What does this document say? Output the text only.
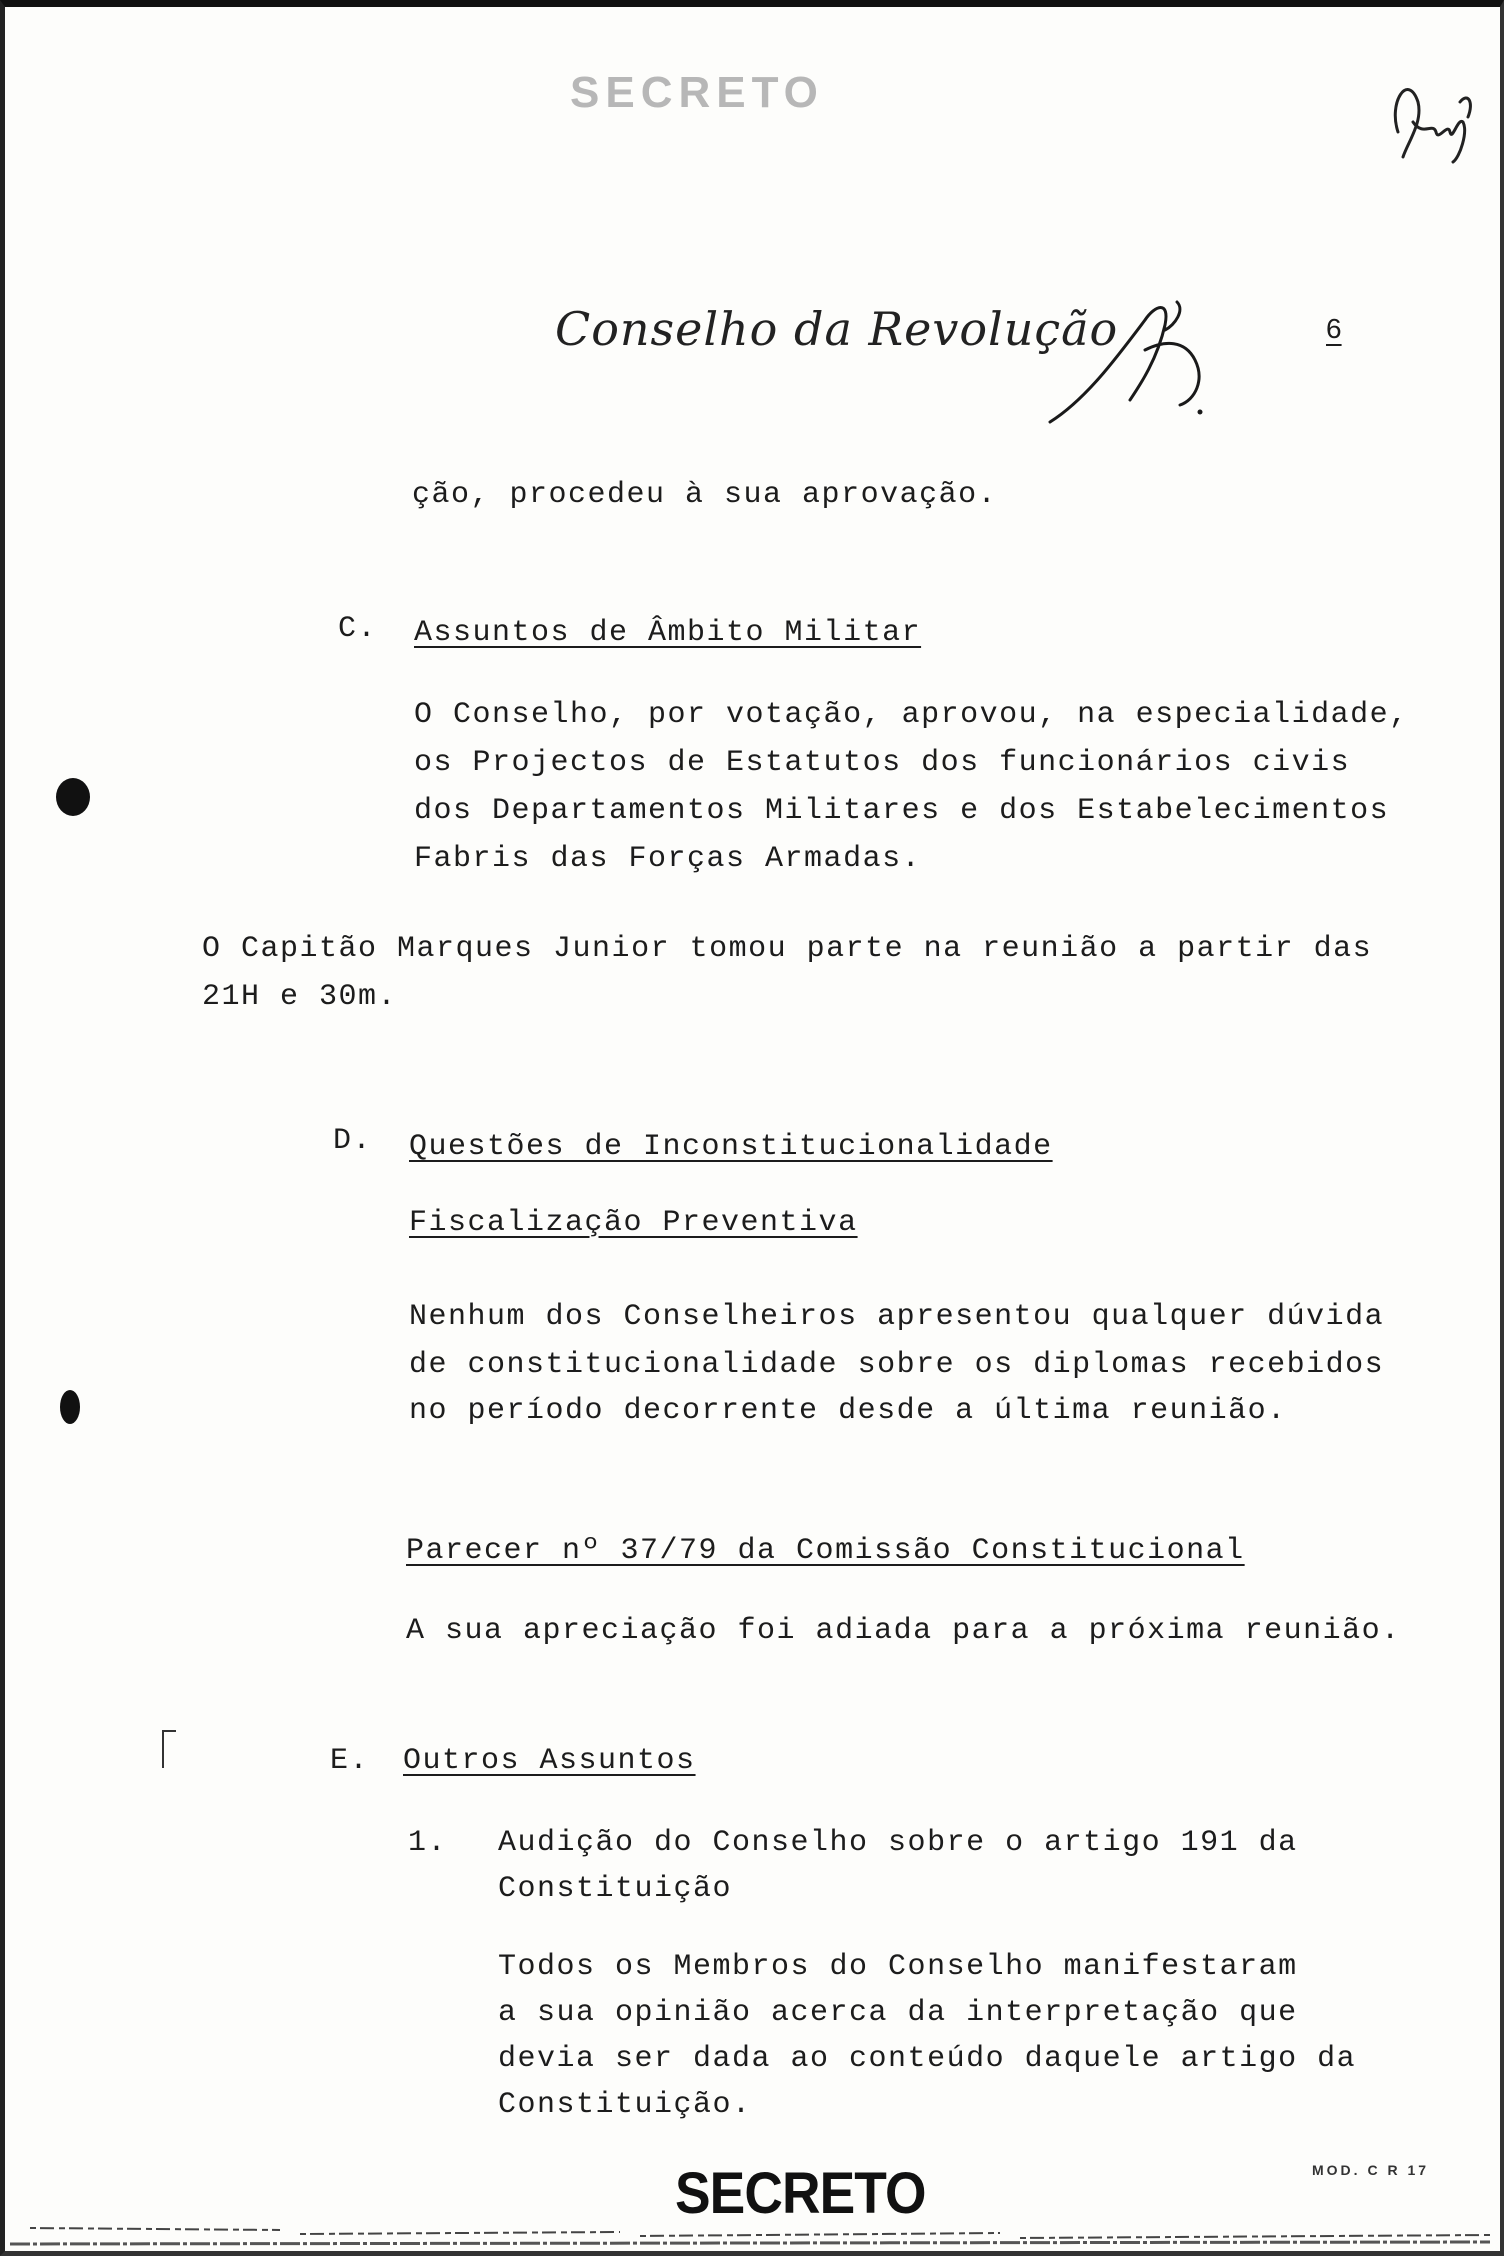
SECRETO
Conselho da Revolução	6
ção, procedeu à sua aprovação.
C. Assuntos de Âmbito Militar
O Conselho, por votação, aprovou, na especialidade,
os Projectos de Estatutos dos funcionários civis
dos Departamentos Militares e dos Estabelecimentos
Fabris das Forças Armadas.
O Capitão Marques Junior tomou parte na reunião a partir das
21H e 30m.
D. Questões de Inconstitucionalidade
Fiscalização Preventiva
Nenhum dos Conselheiros apresentou qualquer dúvida
de constitucionalidade sobre os diplomas recebidos
no período decorrente desde a última reunião.
Parecer nº 37/79 da Comissão Constitucional
A sua apreciação foi adiada para a próxima reunião.
E. Outros Assuntos
1. Audição do Conselho sobre o artigo 191 da
Constituição
Todos os Membros do Conselho manifestaram
a sua opinião acerca da interpretação que
devia ser dada ao conteúdo daquele artigo da
Constituição.
SECRETO	MOD. C R 17
